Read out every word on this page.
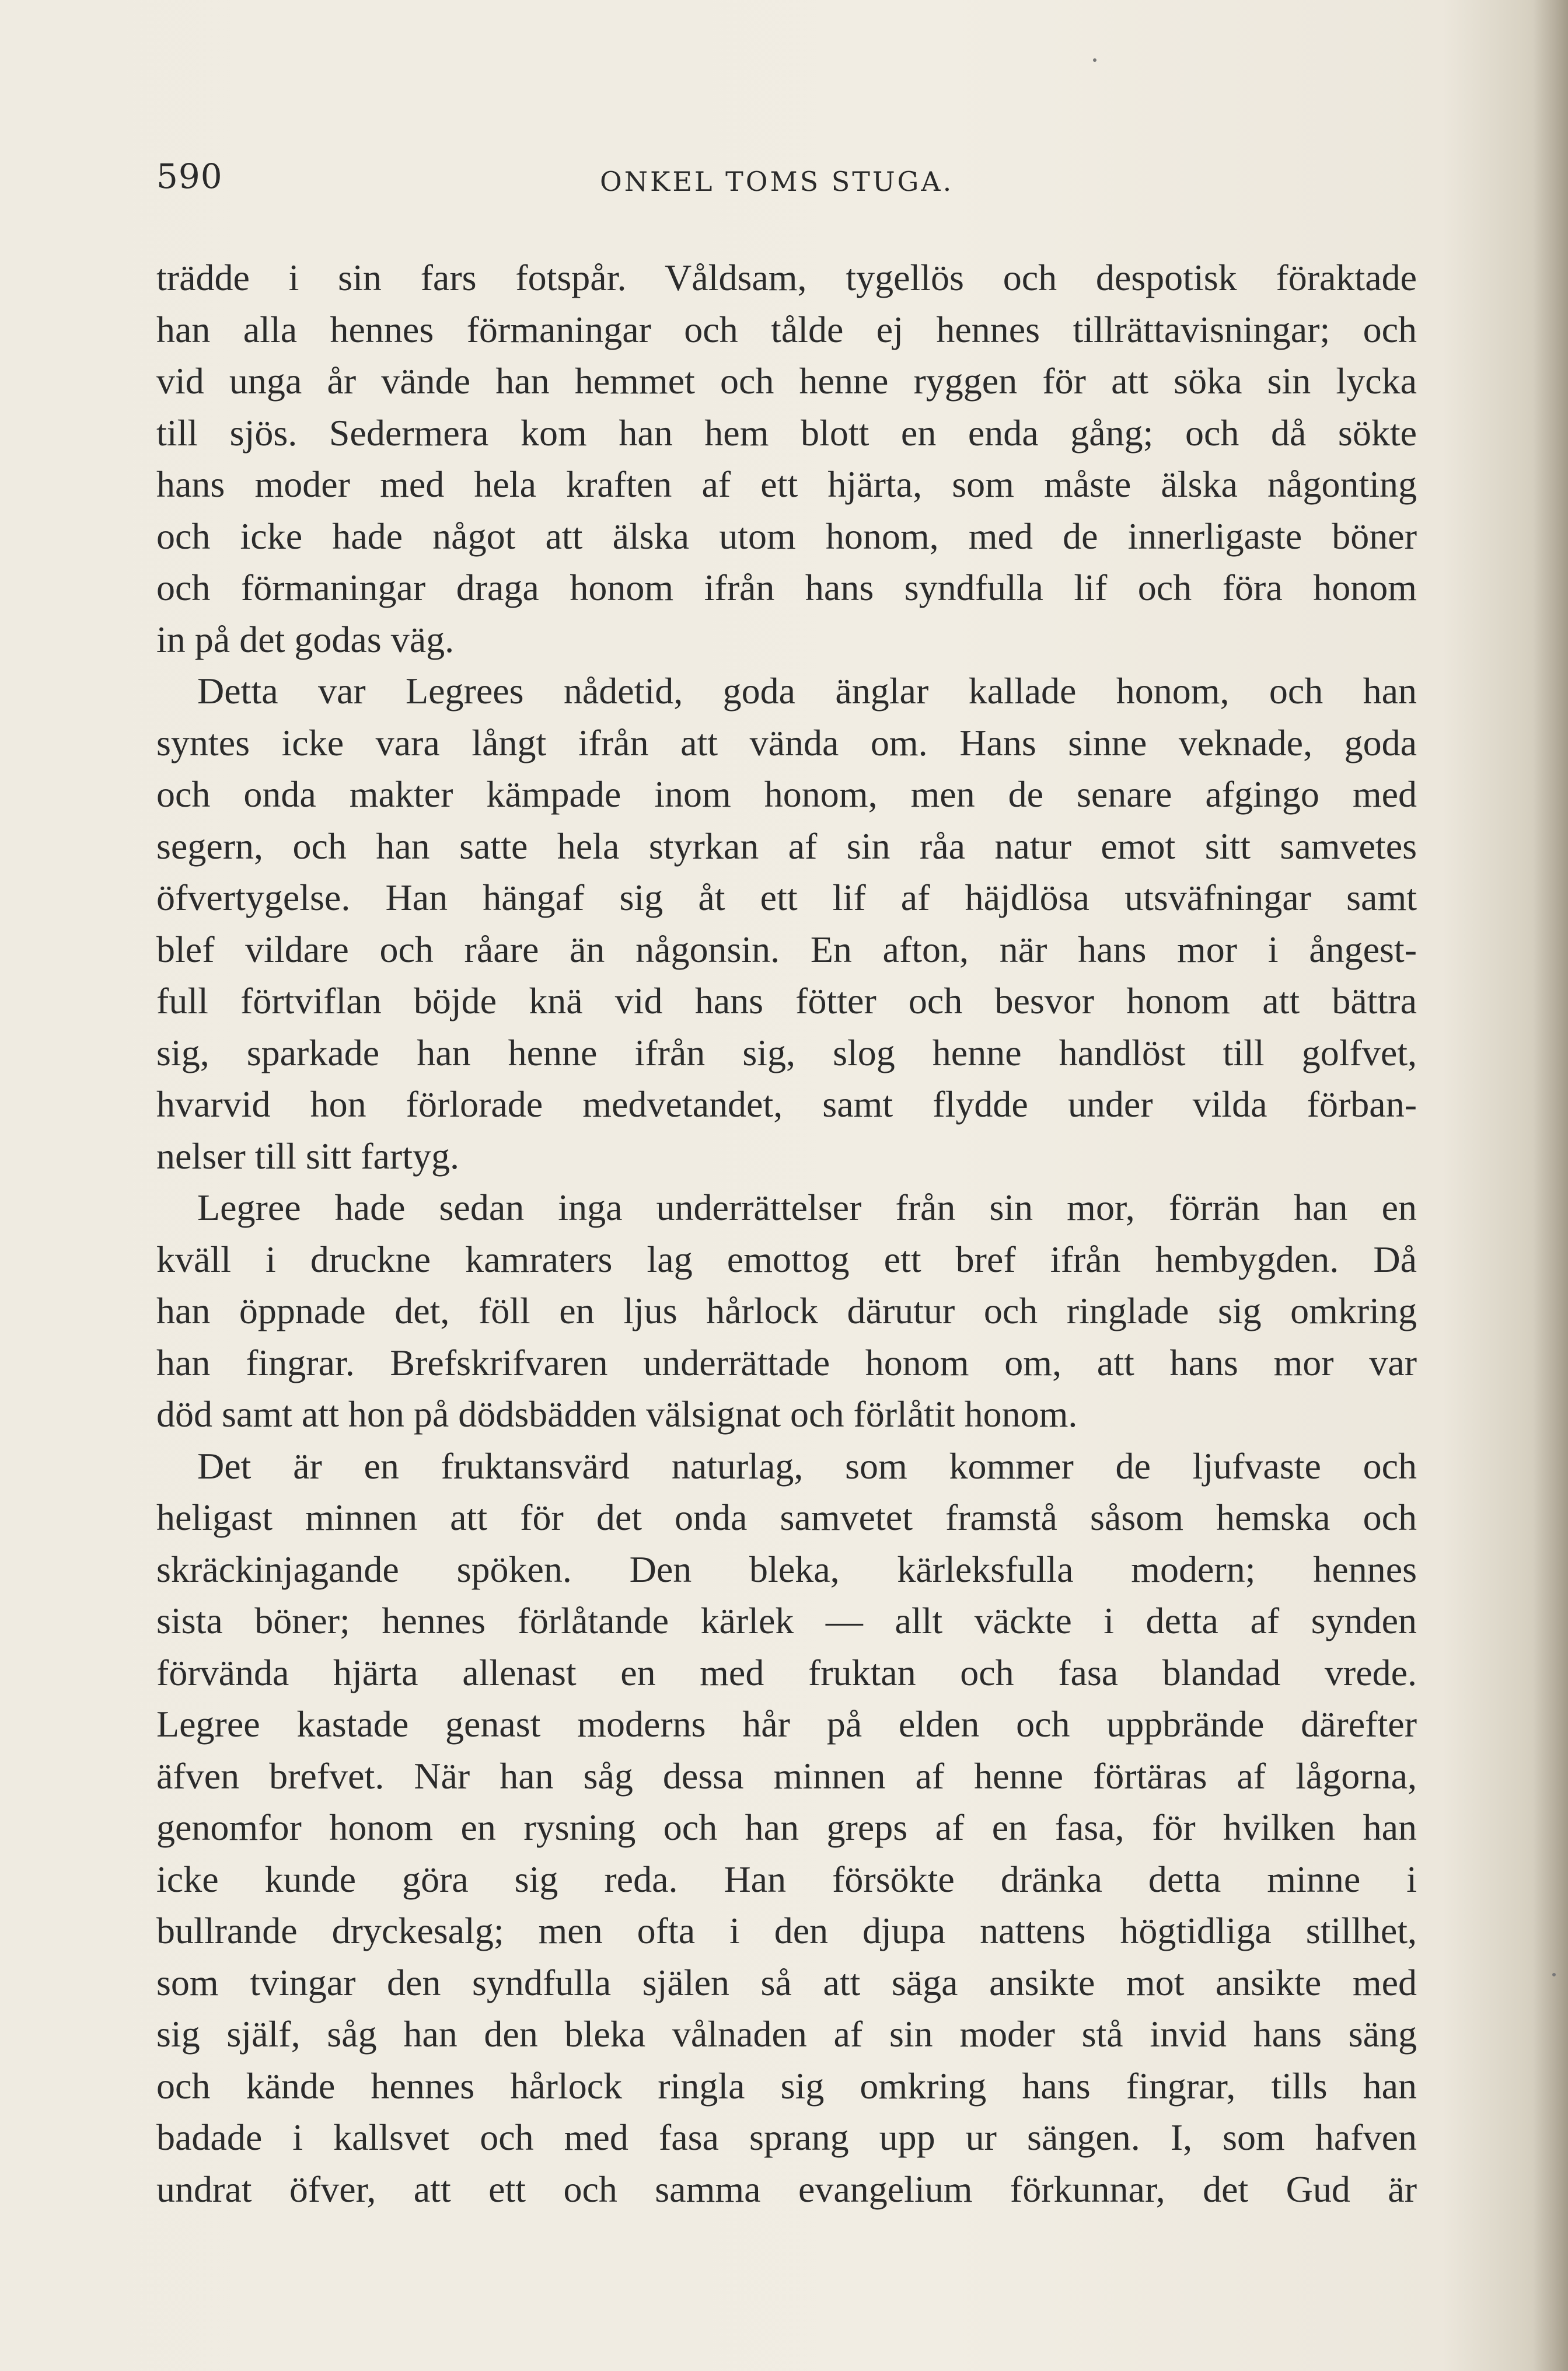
590	ONKEL TOMS STUGA.
trädde i sin fars fotspår. Våldsam, tygellös och despotisk föraktade
han alla hennes förmaningar och tålde ej hennes tillrättavisningar; och
vid unga år vände han hemmet och henne ryggen för att söka sin lycka
till sjös. Sedermera kom han hem blott en enda gång; och då sökte
hans moder med hela kraften af ett hjärta, som måste älska någonting
och icke hade något att älska utom honom, med de innerligaste böner
och förmaningar draga honom ifrån hans syndfulla lif och föra honom
in på det godas väg.
Detta var Legrees nådetid, goda änglar kallade honom, och han
syntes icke vara långt ifrån att vända om. Hans sinne veknade, goda
och onda makter kämpade inom honom, men de senare afgingo med
segern, och han satte hela styrkan af sin råa natur emot sitt samvetes
öfvertygelse. Han hängaf sig åt ett lif af häjdlösa utsväfningar samt
blef vildare och råare än någonsin. En afton, när hans mor i ångest-
full förtviflan böjde knä vid hans fötter och besvor honom att bättra
sig, sparkade han henne ifrån sig, slog henne handlöst till golfvet,
hvarvid hon förlorade medvetandet, samt flydde under vilda förban-
nelser till sitt fartyg.
Legree hade sedan inga underrättelser från sin mor, förrän han en
kväll i druckne kamraters lag emottog ett bref ifrån hembygden. Då
han öppnade det, föll en ljus hårlock därutur och ringlade sig omkring
han fingrar. Brefskrifvaren underrättade honom om, att hans mor var
död samt att hon på dödsbädden välsignat och förlåtit honom.
Det är en fruktansvärd naturlag, som kommer de ljufvaste och
heligast minnen att för det onda samvetet framstå såsom hemska och
skräckinjagande spöken. Den bleka, kärleksfulla modern; hennes
sista böner; hennes förlåtande kärlek — allt väckte i detta af synden
förvända hjärta allenast en med fruktan och fasa blandad vrede.
Legree kastade genast moderns hår på elden och uppbrände därefter
äfven brefvet. När han såg dessa minnen af henne förtäras af lågorna,
genomfor honom en rysning och han greps af en fasa, för hvilken han
icke kunde göra sig reda. Han försökte dränka detta minne i
bullrande dryckesalg; men ofta i den djupa nattens högtidliga stillhet,
som tvingar den syndfulla själen så att säga ansikte mot ansikte med
sig själf, såg han den bleka vålnaden af sin moder stå invid hans säng
och kände hennes hårlock ringla sig omkring hans fingrar, tills han
badade i kallsvet och med fasa sprang upp ur sängen. I, som hafven
undrat öfver, att ett och samma evangelium förkunnar, det Gud är
